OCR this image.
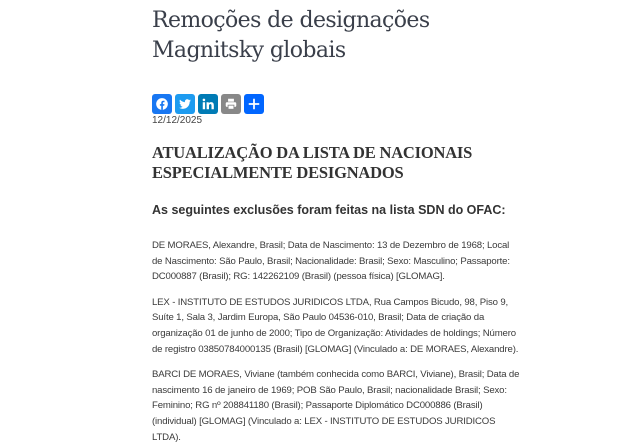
Remoções de designações Magnitsky globais
12/12/2025
ATUALIZAÇÃO DA LISTA DE NACIONAIS ESPECIALMENTE DESIGNADOS
As seguintes exclusões foram feitas na lista SDN do OFAC:

DE MORAES, Alexandre, Brasil; Data de Nascimento: 13 de Dezembro de 1968; Local de Nascimento: São Paulo, Brasil; Nacionalidade: Brasil; Sexo: Masculino; Passaporte: DC000887 (Brasil); RG: 142262109 (Brasil) (pessoa física) [GLOMAG].

LEX - INSTITUTO DE ESTUDOS JURIDICOS LTDA, Rua Campos Bicudo, 98, Piso 9, Suíte 1, Sala 3, Jardim Europa, São Paulo 04536-010, Brasil; Data de criação da organização 01 de junho de 2000; Tipo de Organização: Atividades de holdings; Número de registro 03850784000135 (Brasil) [GLOMAG] (Vinculado a: DE MORAES, Alexandre).

BARCI DE MORAES, Viviane (também conhecida como BARCI, Viviane), Brasil; Data de nascimento 16 de janeiro de 1969; POB São Paulo, Brasil; nacionalidade Brasil; Sexo: Feminino; RG nº 208841180 (Brasil); Passaporte Diplomático DC000886 (Brasil) (individual) [GLOMAG] (Vinculado a: LEX - INSTITUTO DE ESTUDOS JURIDICOS LTDA).
